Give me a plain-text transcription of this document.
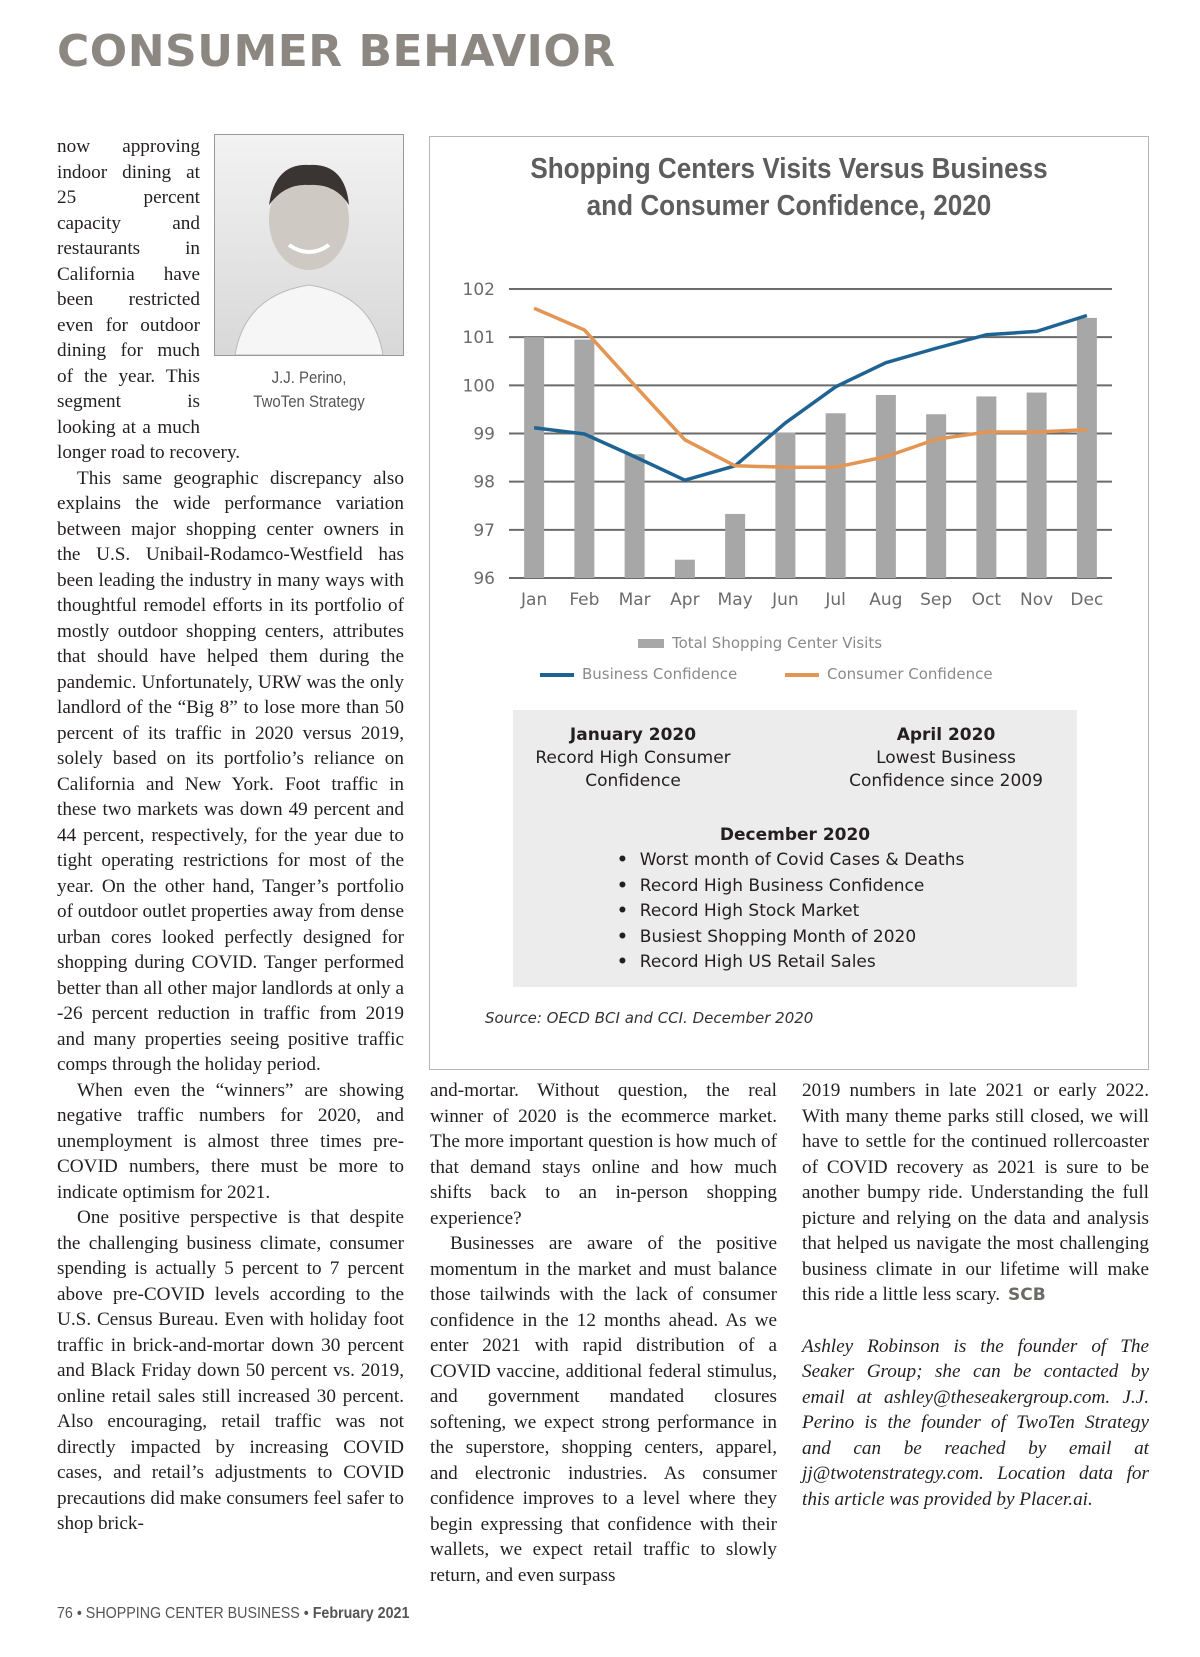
CONSUMER BEHAVIOR
J.J. Perino,
TwoTen Strategy

now approving indoor dining at 25 percent capacity and restaurants in California have been restricted even for outdoor dining for much of the year. This segment is looking at a much longer road to recovery.

This same geographic discrepancy also explains the wide performance variation between major shopping center owners in the U.S. Unibail-Rodamco-Westfield has been leading the industry in many ways with thoughtful remodel efforts in its portfolio of mostly outdoor shopping centers, attributes that should have helped them during the pandemic. Unfortunately, URW was the only landlord of the “Big 8” to lose more than 50 percent of its traffic in 2020 versus 2019, solely based on its portfolio’s reliance on California and New York. Foot traffic in these two markets was down 49 percent and 44 percent, respectively, for the year due to tight operating restrictions for most of the year. On the other hand, Tanger’s portfolio of outdoor outlet properties away from dense urban cores looked perfectly designed for shopping during COVID. Tanger performed better than all other major landlords at only a -26 percent reduction in traffic from 2019 and many properties seeing positive traffic comps through the holiday period.

When even the “winners” are showing negative traffic numbers for 2020, and unemployment is almost three times pre-COVID numbers, there must be more to indicate optimism for 2021.

One positive perspective is that despite the challenging business climate, consumer spending is actually 5 percent to 7 percent above pre-COVID levels according to the U.S. Census Bureau. Even with holiday foot traffic in brick-and-mortar down 30 percent and Black Friday down 50 percent vs. 2019, online retail sales still increased 30 percent. Also encouraging, retail traffic was not directly impacted by increasing COVID cases, and retail’s adjustments to COVID precautions did make consumers feel safer to shop brick-

Shopping Centers Visits Versus Business
and Consumer Confidence, 2020
96
97
98
99
100
101
102
Jan Feb Mar Apr May Jun Jul Aug Sep Oct Nov Dec
Total Shopping Center Visits
Business Confidence	Consumer Confidence
January 2020
Record High Consumer
Confidence
April 2020
Lowest Business
Confidence since 2009
December 2020
• Worst month of Covid Cases & Deaths
• Record High Business Confidence
• Record High Stock Market
• Busiest Shopping Month of 2020
• Record High US Retail Sales
Source: OECD BCI and CCI. December 2020

and-mortar. Without question, the real winner of 2020 is the ecommerce market. The more important question is how much of that demand stays online and how much shifts back to an in-person shopping experience?

Businesses are aware of the positive momentum in the market and must balance those tailwinds with the lack of consumer confidence in the 12 months ahead. As we enter 2021 with rapid distribution of a COVID vaccine, additional federal stimulus, and government mandated closures softening, we expect strong performance in the superstore, shopping centers, apparel, and electronic industries. As consumer confidence improves to a level where they begin expressing that confidence with their wallets, we expect retail traffic to slowly return, and even surpass

2019 numbers in late 2021 or early 2022. With many theme parks still closed, we will have to settle for the continued rollercoaster of COVID recovery as 2021 is sure to be another bumpy ride. Understanding the full picture and relying on the data and analysis that helped us navigate the most challenging business climate in our lifetime will make this ride a little less scary. SCB

Ashley Robinson is the founder of The Seaker Group; she can be contacted by email at ashley@theseakergroup.com. J.J. Perino is the founder of TwoTen Strategy and can be reached by email at jj@twotenstrategy.com. Location data for this article was provided by Placer.ai.

76 • SHOPPING CENTER BUSINESS • February 2021
